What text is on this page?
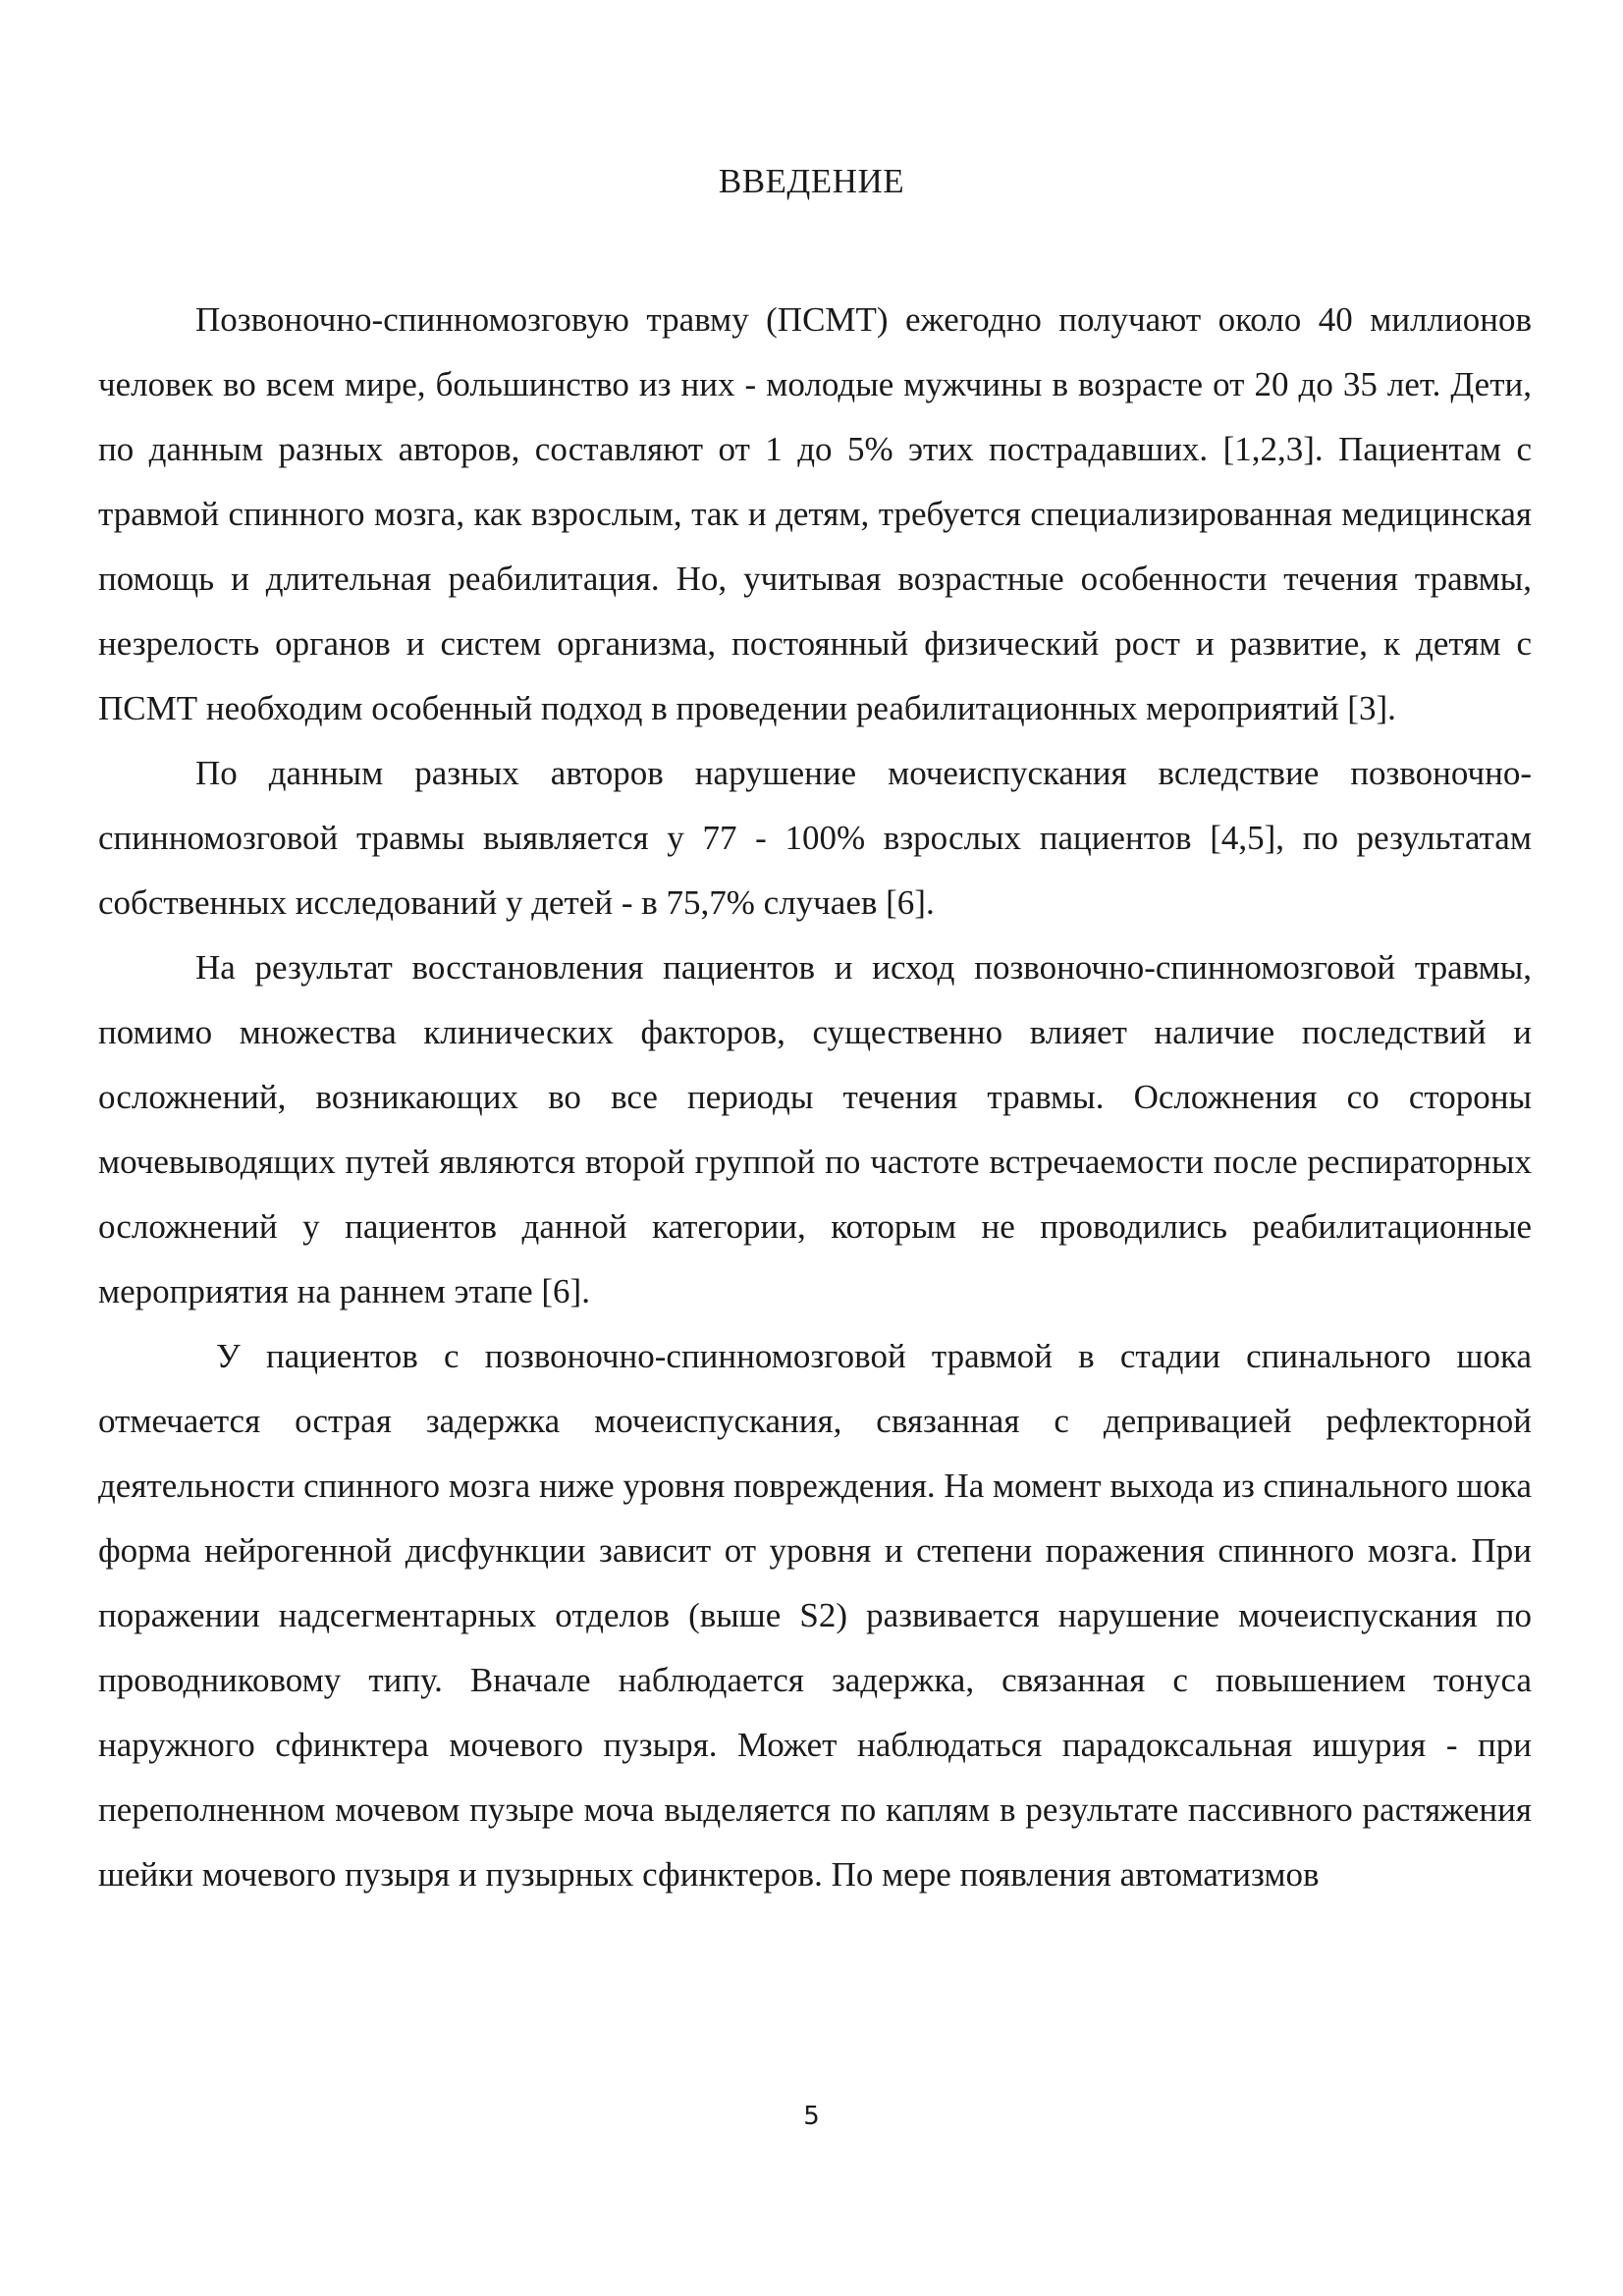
ВВЕДЕНИЕ

Позвоночно-спинномозговую травму (ПСМТ) ежегодно получают около 40 миллионов человек во всем мире, большинство из них - молодые мужчины в возрасте от 20 до 35 лет. Дети, по данным разных авторов, составляют от 1 до 5% этих пострадавших. [1,2,3]. Пациентам с травмой спинного мозга, как взрослым, так и детям, требуется специализированная медицинская помощь и длительная реабилитация. Но, учитывая возрастные особенности течения травмы, незрелость органов и систем организма, постоянный физический рост и развитие, к детям с ПСМТ необходим особенный подход в проведении реабилитационных мероприятий [3].

По данным разных авторов нарушение мочеиспускания вследствие позвоночно-спинномозговой травмы выявляется у 77 - 100% взрослых пациентов [4,5], по результатам собственных исследований у детей - в 75,7% случаев [6].

На результат восстановления пациентов и исход позвоночно-спинномозговой травмы, помимо множества клинических факторов, существенно влияет наличие последствий и осложнений, возникающих во все периоды течения травмы. Осложнения со стороны мочевыводящих путей являются второй группой по частоте встречаемости после респираторных осложнений у пациентов данной категории, которым не проводились реабилитационные мероприятия на раннем этапе [6].

У пациентов с позвоночно-спинномозговой травмой в стадии спинального шока отмечается острая задержка мочеиспускания, связанная с депривацией рефлекторной деятельности спинного мозга ниже уровня повреждения. На момент выхода из спинального шока форма нейрогенной дисфункции зависит от уровня и степени поражения спинного мозга. При поражении надсегментарных отделов (выше S2) развивается нарушение мочеиспускания по проводниковому типу. Вначале наблюдается задержка, связанная с повышением тонуса наружного сфинктера мочевого пузыря. Может наблюдаться парадоксальная ишурия - при переполненном мочевом пузыре моча выделяется по каплям в результате пассивного растяжения шейки мочевого пузыря и пузырных сфинктеров. По мере появления автоматизмов

5
